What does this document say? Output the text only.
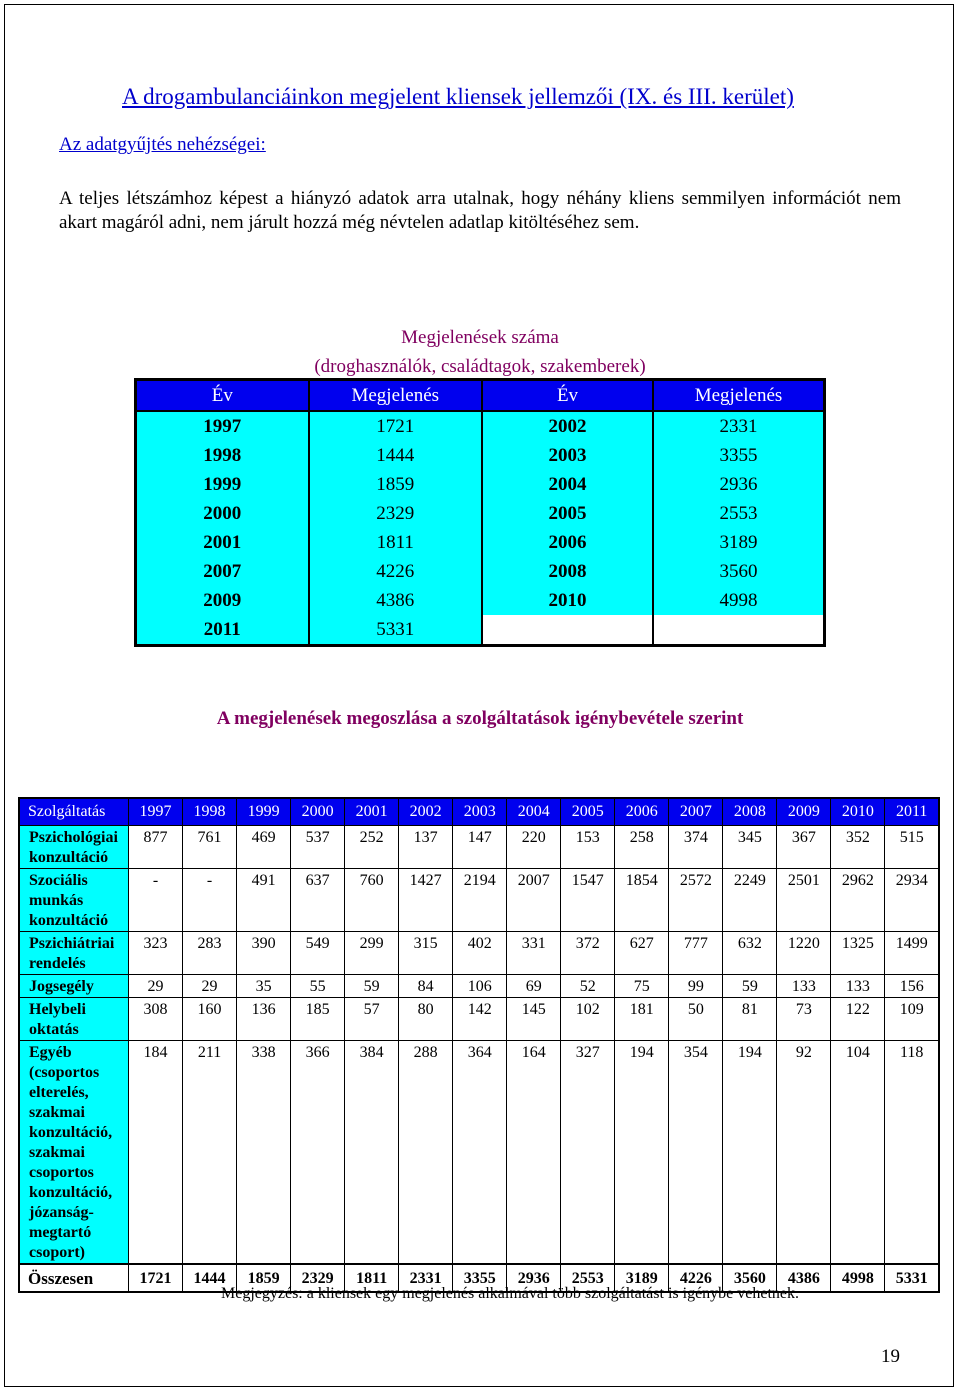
A drogambulanciáinkon megjelent kliensek jellemzői (IX. és III. kerület)
Az adatgyűjtés nehézségei:
A teljes létszámhoz képest a hiányzó adatok arra utalnak, hogy néhány kliens semmilyen információt nem akart magáról adni, nem járult hozzá még névtelen adatlap kitöltéséhez sem.
Megjelenések száma
(droghasználók, családtagok, szakemberek)
Év	Megjelenés	Év	Megjelenés
1997	1721	2002	2331
1998	1444	2003	3355
1999	1859	2004	2936
2000	2329	2005	2553
2001	1811	2006	3189
2007	4226	2008	3560
2009	4386	2010	4998
2011	5331		
A megjelenések megoszlása a szolgáltatások igénybevétele szerint
Szolgáltatás	1997	1998	1999	2000	2001	2002	2003	2004	2005	2006	2007	2008	2009	2010	2011
Pszichológiai konzultáció	877	761	469	537	252	137	147	220	153	258	374	345	367	352	515
Szociális munkás konzultáció	-	-	491	637	760	1427	2194	2007	1547	1854	2572	2249	2501	2962	2934
Pszichiátriai rendelés	323	283	390	549	299	315	402	331	372	627	777	632	1220	1325	1499
Jogsegély	29	29	35	55	59	84	106	69	52	75	99	59	133	133	156
Helybeli oktatás	308	160	136	185	57	80	142	145	102	181	50	81	73	122	109
Egyéb (csoportos elterelés, szakmai konzultáció, szakmai csoportos konzultáció, józanság-megtartó csoport)	184	211	338	366	384	288	364	164	327	194	354	194	92	104	118
Összesen	1721	1444	1859	2329	1811	2331	3355	2936	2553	3189	4226	3560	4386	4998	5331
Megjegyzés: a kliensek egy megjelenés alkalmával több szolgáltatást is igénybe vehetnek.
19
